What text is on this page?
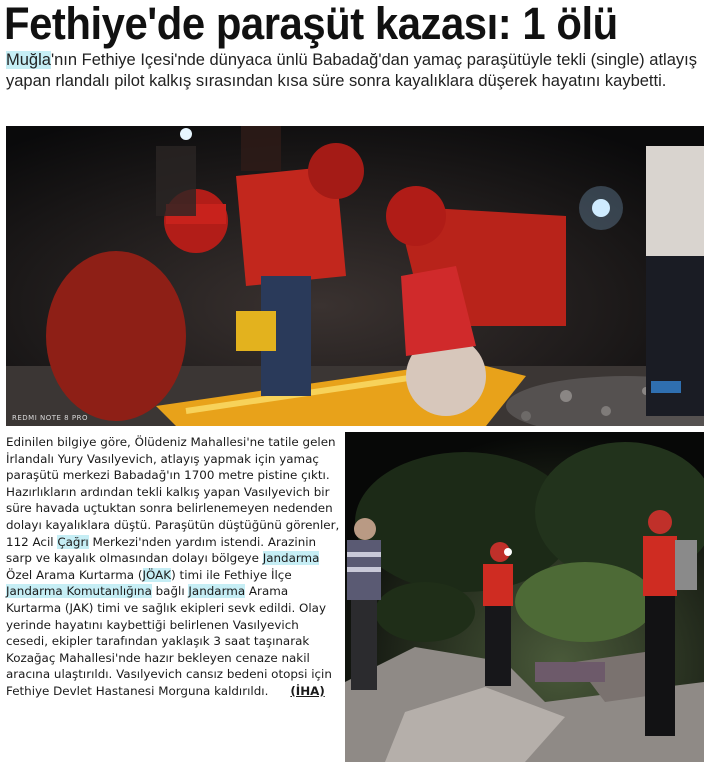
Fethiye'de paraşüt kazası: 1 ölü

Muğla'nın Fethiye Içesi'nde dünyaca ünlü Babadağ'dan yamaç paraşütüyle tekli (single) atlayış yapan rlandalı pilot kalkış sırasından kısa süre sonra kayalıklara düşerek hayatını kaybetti.

REDMI NOTE 8 PRO

Edinilen bilgiye göre, Ölüdeniz Mahallesi'ne tatile gelen İrlandalı Yury Vasılyevich, atlayış yapmak için yamaç paraşütü merkezi Babadağ'ın 1700 metre pistine çıktı. Hazırlıkların ardından tekli kalkış yapan Vasılyevich bir süre havada uçtuktan sonra belirlenemeyen nedenden dolayı kayalıklara düştü. Paraşütün düştüğünü görenler, 112 Acil Çağrı Merkezi'nden yardım istendi. Arazinin sarp ve kayalık olmasından dolayı bölgeye Jandarma Özel Arama Kurtarma (JÖAK) timi ile Fethiye İlçe Jandarma Komutanlığına bağlı Jandarma Arama Kurtarma (JAK) timi ve sağlık ekipleri sevk edildi. Olay yerinde hayatını kaybettiği belirlenen Vasılyevich cesedi, ekipler tarafından yaklaşık 3 saat taşınarak Kozağaç Mahallesi'nde hazır bekleyen cenaze nakil aracına ulaştırıldı. Vasılyevich cansız bedeni otopsi için Fethiye Devlet Hastanesi Morguna kaldırıldı. (İHA)
